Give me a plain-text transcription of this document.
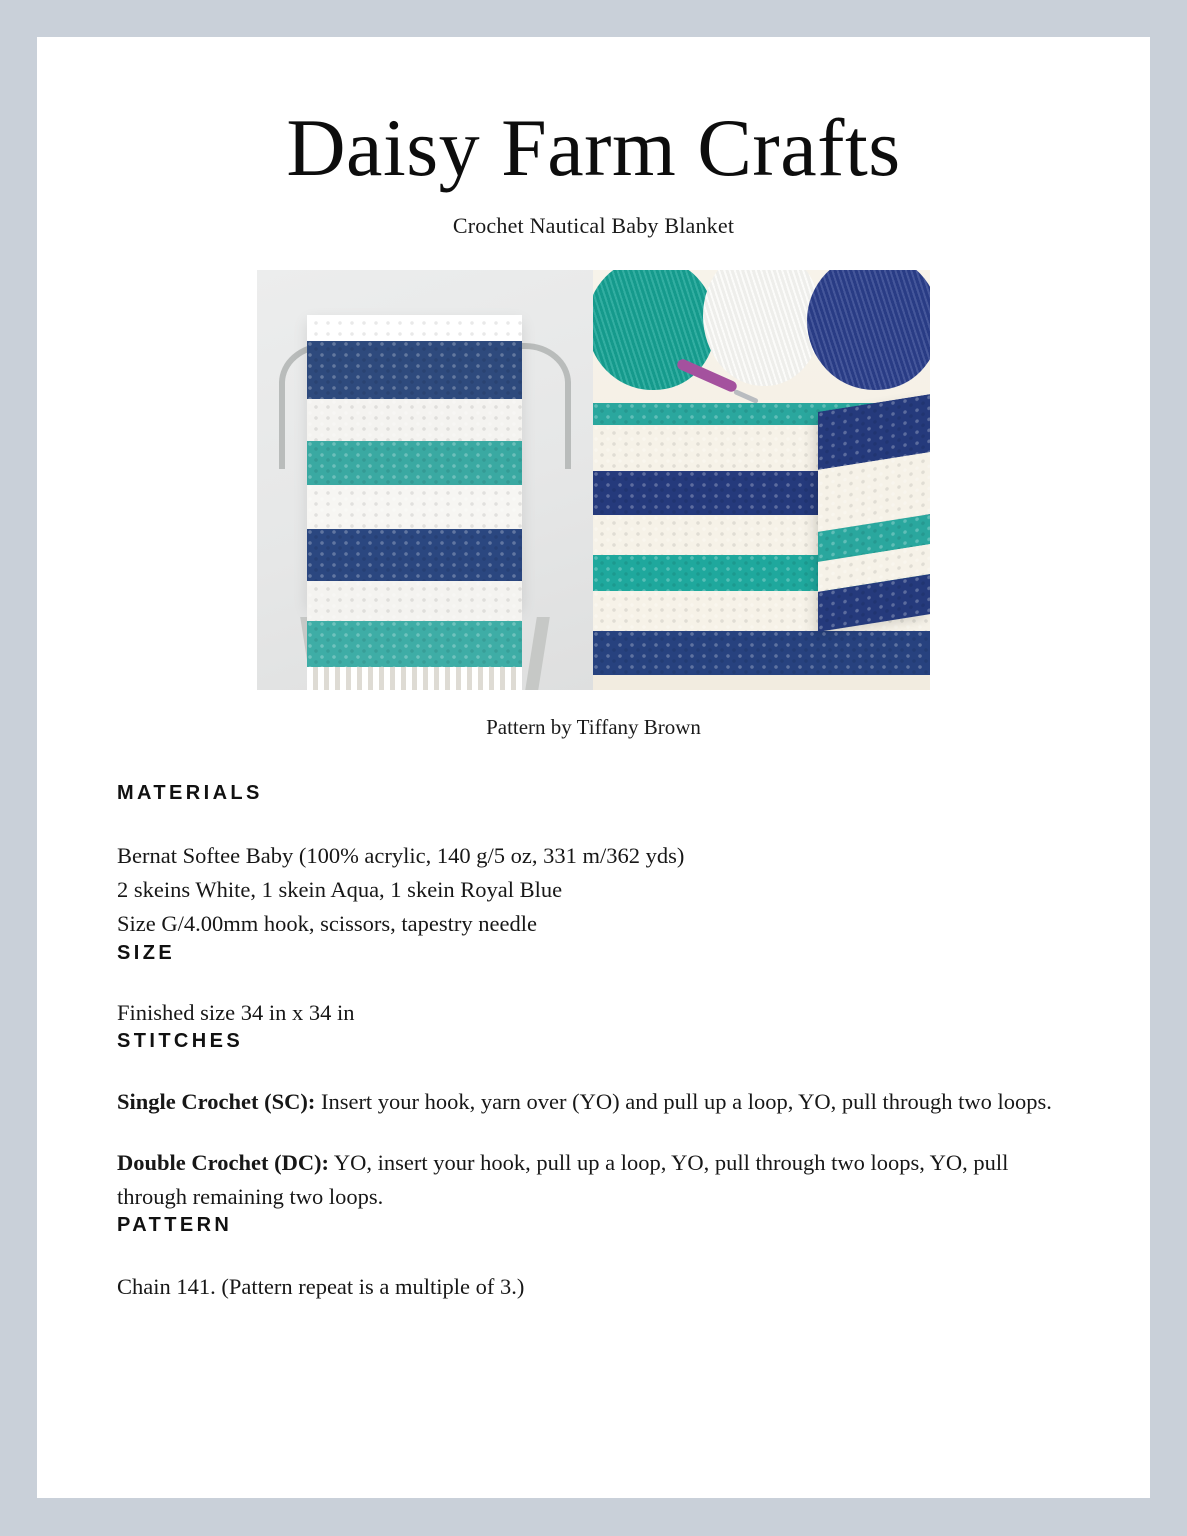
Daisy Farm Crafts

Crochet Nautical Baby Blanket

Pattern by Tiffany Brown
MATERIALS

Bernat Softee Baby (100% acrylic, 140 g/5 oz, 331 m/362 yds)
2 skeins White, 1 skein Aqua, 1 skein Royal Blue
Size G/4.00mm hook, scissors, tapestry needle

SIZE

Finished size 34 in x 34 in

STITCHES

Single Crochet (SC): Insert your hook, yarn over (YO) and pull up a loop, YO, pull through two loops.

Double Crochet (DC): YO, insert your hook, pull up a loop, YO, pull through two loops, YO, pull through remaining two loops.

PATTERN

Chain 141. (Pattern repeat is a multiple of 3.)
